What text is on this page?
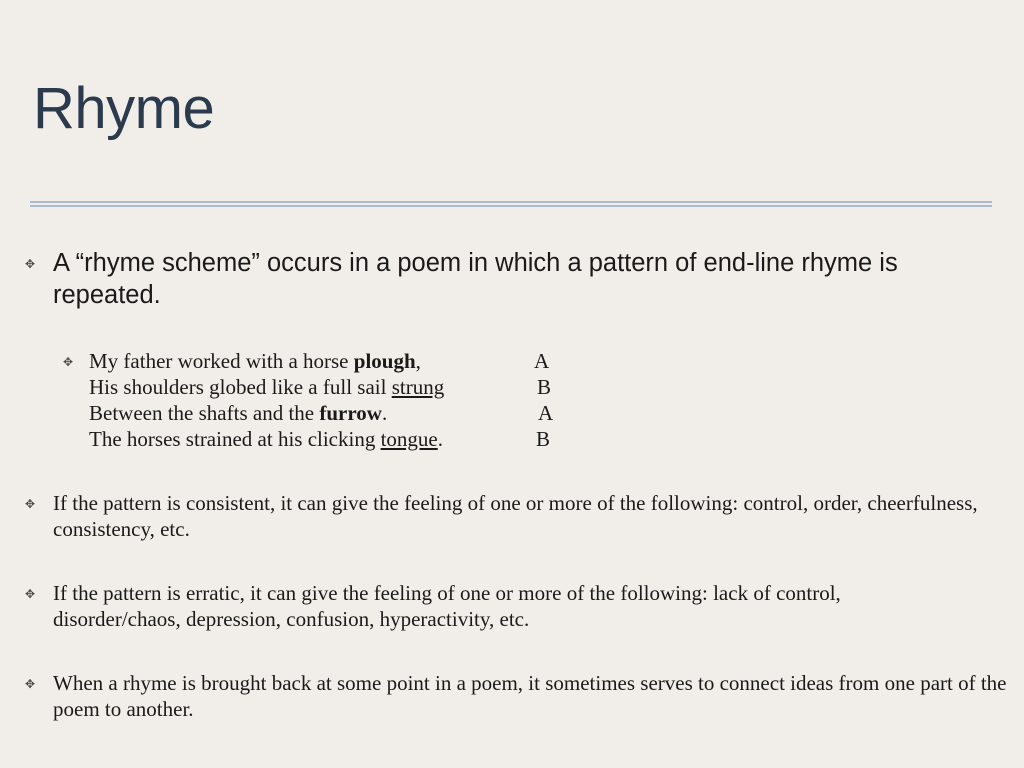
Rhyme
✥ A “rhyme scheme” occurs in a poem in which a pattern of end-line rhyme is repeated.

✥ My father worked with a horse plough,
His shoulders globed like a full sail strung
Between the shafts and the furrow.
The horses strained at his clicking tongue.
A
B
A
B
✥ If the pattern is consistent, it can give the feeling of one or more of the following: control, order, cheerfulness, consistency, etc.

✥ If the pattern is erratic, it can give the feeling of one or more of the following: lack of control, disorder/chaos, depression, confusion, hyperactivity, etc.

✥ When a rhyme is brought back at some point in a poem, it sometimes serves to connect ideas from one part of the poem to another.
